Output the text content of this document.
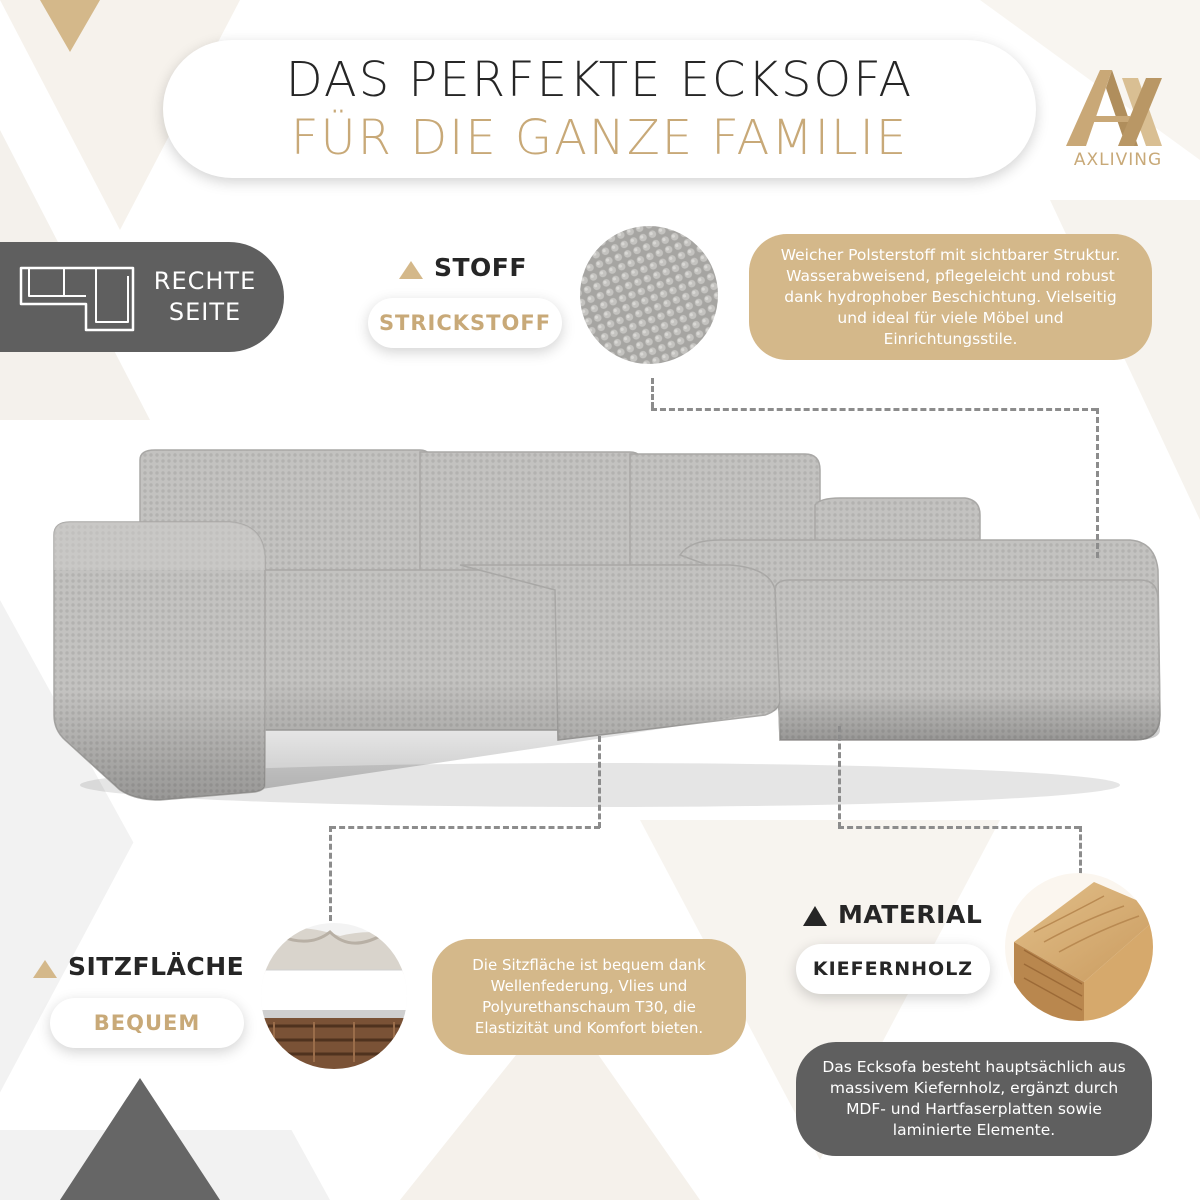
DAS PERFEKTE ECKSOFA
FÜR DIE GANZE FAMILIE	AXLIVING
RECHTE
SEITE
STOFF
STRICKSTOFF
Weicher Polsterstoff mit sichtbarer Struktur. Wasserabweisend, pflegeleicht und robust dank hydrophober Beschichtung. Vielseitig und ideal für viele Möbel und Einrichtungsstile.
SITZFLÄCHE
BEQUEM
Die Sitzfläche ist bequem dank Wellenfederung, Vlies und Polyurethanschaum T30, die Elastizität und Komfort bieten.
MATERIAL
KIEFERNHOLZ
Das Ecksofa besteht hauptsächlich aus massivem Kiefernholz, ergänzt durch MDF- und Hartfaserplatten sowie laminierte Elemente.
